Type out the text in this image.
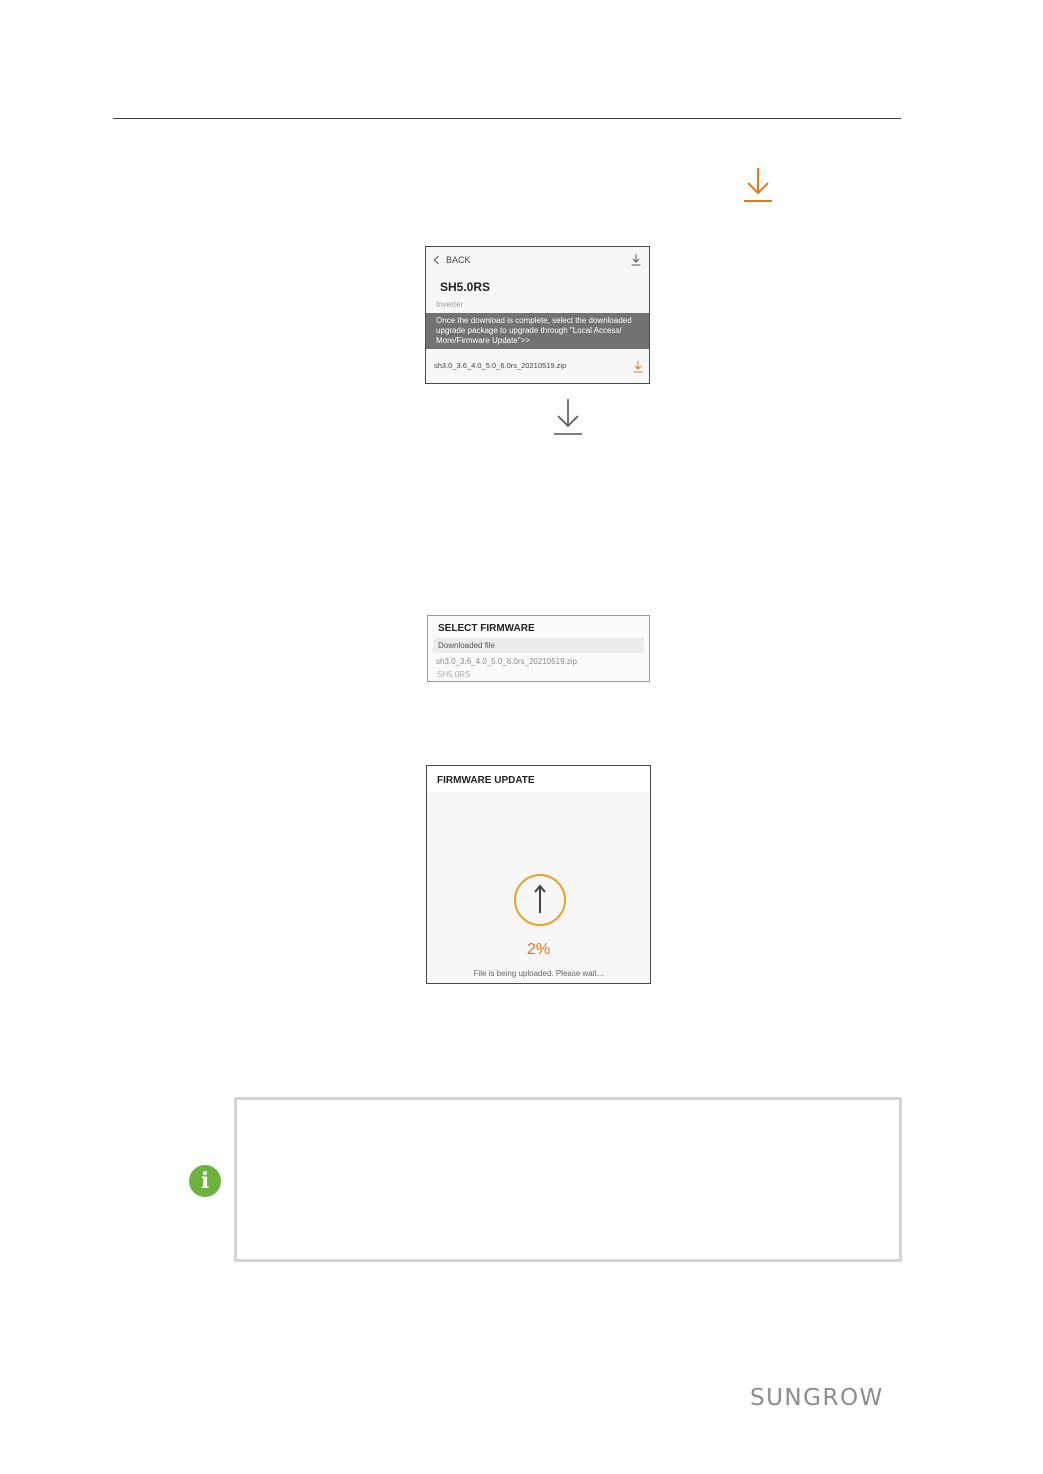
BACK
SH5.0RS
Inverter
Once the download is complete, select the downloaded upgrade package to upgrade through "Local Access/ More/Firmware Update">>
sh3.0_3.6_4.0_5.0_6.0rs_20210519.zip
SELECT FIRMWARE
Downloaded file
sh3.0_3.6_4.0_5.0_6.0rs_20210519.zip
SH5.0RS
FIRMWARE UPDATE
2%
File is being uploaded. Please wait...
i
SUNGROW
